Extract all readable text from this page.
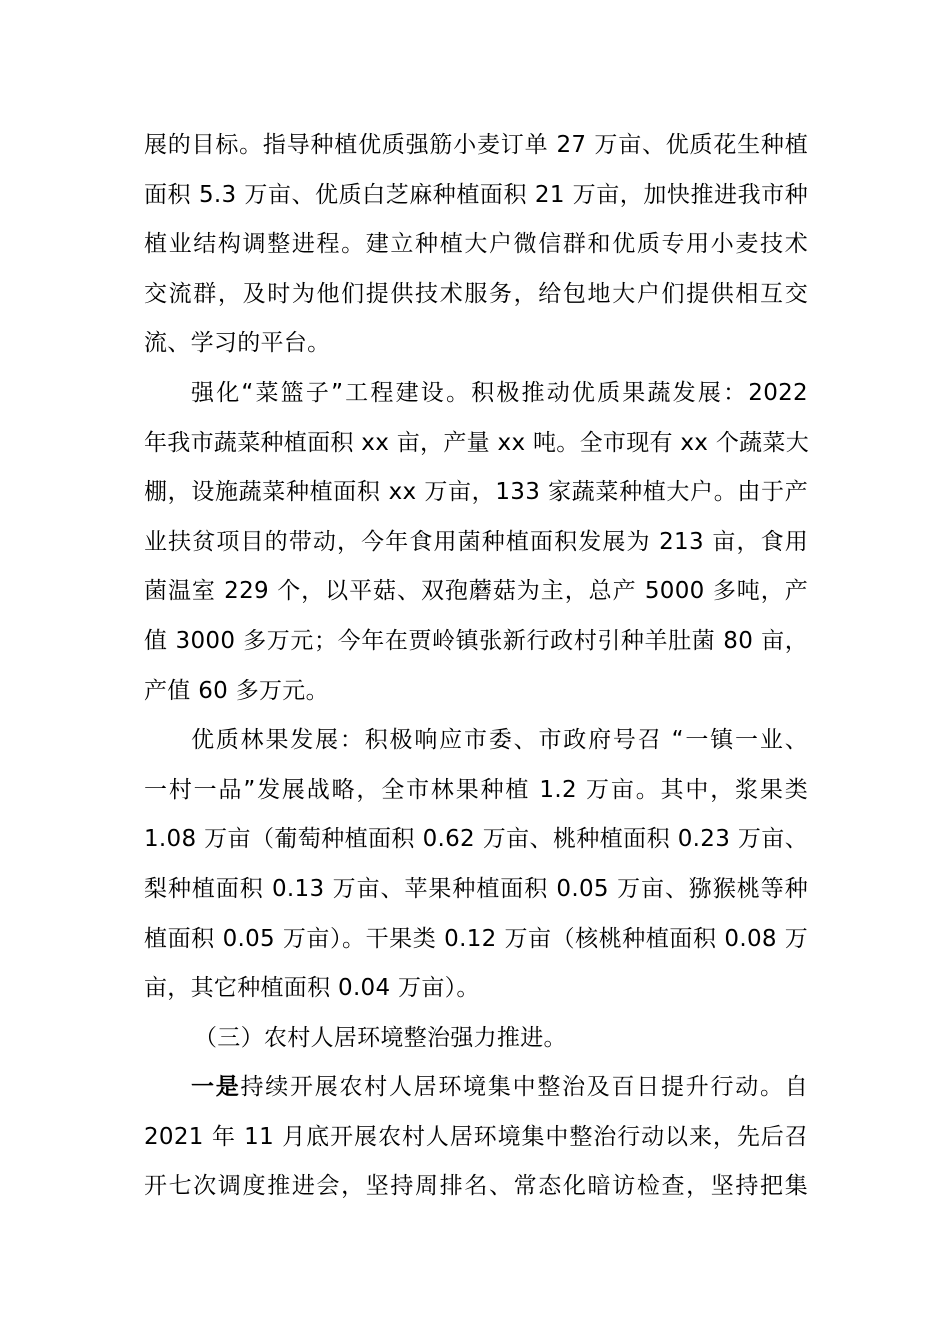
展的目标。指导种植优质强筋小麦订单 27 万亩、优质花生种植
面积 5.3 万亩、优质白芝麻种植面积 21 万亩，加快推进我市种
植业结构调整进程。建立种植大户微信群和优质专用小麦技术
交流群，及时为他们提供技术服务，给包地大户们提供相互交
流、学习的平台。
强化“菜篮子”工程建设。积极推动优质果蔬发展：2022
年我市蔬菜种植面积 xx 亩，产量 xx 吨。全市现有 xx 个蔬菜大
棚，设施蔬菜种植面积 xx 万亩，133 家蔬菜种植大户。由于产
业扶贫项目的带动，今年食用菌种植面积发展为 213 亩，食用
菌温室 229 个，以平菇、双孢蘑菇为主，总产 5000 多吨，产
值 3000 多万元；今年在贾岭镇张新行政村引种羊肚菌 80 亩，
产值 60 多万元。
优质林果发展：积极响应市委、市政府号召 “一镇一业、
一村一品”发展战略，全市林果种植 1.2 万亩。其中，浆果类
1.08 万亩（葡萄种植面积 0.62 万亩、桃种植面积 0.23 万亩、
梨种植面积 0.13 万亩、苹果种植面积 0.05 万亩、猕猴桃等种
植面积 0.05 万亩）。干果类 0.12 万亩（核桃种植面积 0.08 万
亩，其它种植面积 0.04 万亩）。
（三）农村人居环境整治强力推进。
一是持续开展农村人居环境集中整治及百日提升行动。自
2021 年 11 月底开展农村人居环境集中整治行动以来，先后召
开七次调度推进会，坚持周排名、常态化暗访检查，坚持把集
